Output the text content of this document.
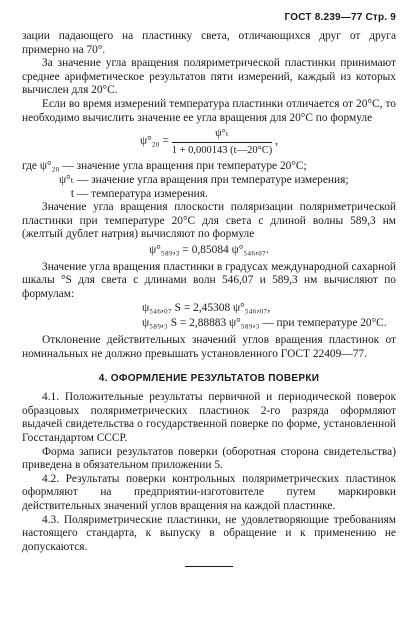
ГОСТ 8.239—77 Стр. 9

зации падающего на пластинку света, отличающихся друг от друга примерно на 70°.

За значение угла вращения поляриметрической пластинки принимают среднее арифметическое результатов пяти измерений, каждый из которых вычислен для 20°С.

Если во время измерений температура пластинки отличается от 20°С, то необходимо вычислить значение ее угла вращения для 20°С по формуле

$\psi^\circ_{20} = \frac{\text{ψ°ₜ}}{1 + 0,000143 (t—20^\circ С)}$ ,
где ψ°₂₀ — значение угла вращения при температуре 20°С;
ψ°ₜ — значение угла вращения при температуре измерения;
t — температура измерения.

Значение угла вращения плоскости поляризации поляриметрической пластинки при температуре 20°С для света с длиной волны 589,3 нм (желтый дублет натрия) вычисляют по формуле

ψ°₅₈₉,₃ = 0,85084 ψ°₅₄₆,₀₇.

Значение угла вращения пластинки в градусах международной сахарной шкалы °S для света с длинами волн 546,07 и 589,3 нм вычисляют по формулам:

ψ₅₄₆,₀₇ S = 2,45308 ψ°₅₄₆,₀₇,
ψ₅₈₉,₃ S = 2,88883 ψ°₅₈₉,₃ — при температуре 20°С.

Отклонение действительных значений углов вращения пластинок от номинальных не должно превышать установленного ГОСТ 22409—77.

4. ОФОРМЛЕНИЕ РЕЗУЛЬТАТОВ ПОВЕРКИ

4.1. Положительные результаты первичной и периодической поверок образцовых поляриметрических пластинок 2-го разряда оформляют выдачей свидетельства о государственной поверке по форме, установленной Госстандартом СССР.

Форма записи результатов поверки (оборотная сторона свидетельства) приведена в обязательном приложении 5.

4.2. Результаты поверки контрольных поляриметрических пластинок оформляют на предприятии-изготовителе путем маркировки действительных значений углов вращения на каждой пластинке.

4.3. Поляриметрические пластинки, не удовлетворяющие требованиям настоящего стандарта, к выпуску в обращение и к применению не допускаются.
